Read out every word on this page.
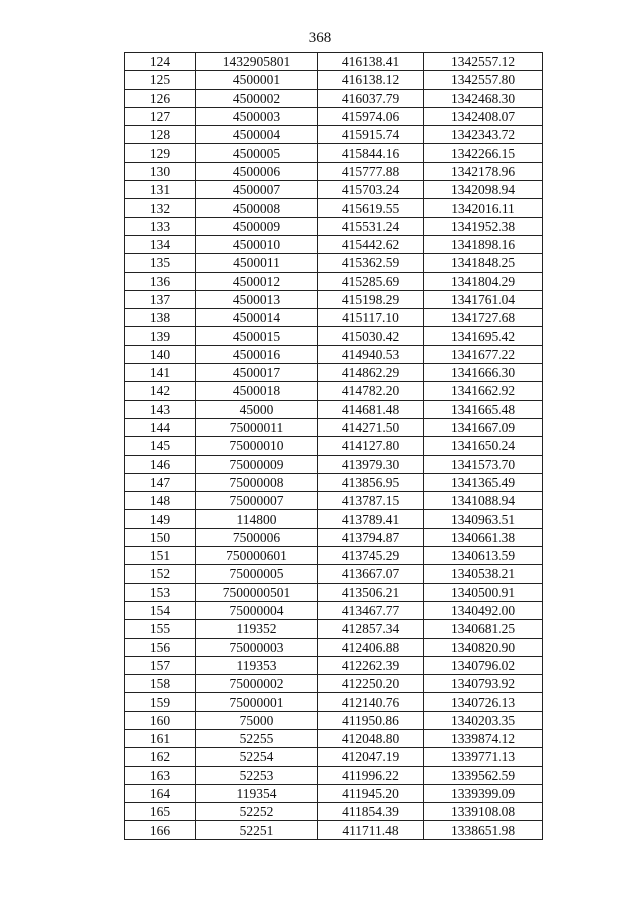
368
124	1432905801	416138.41	1342557.12
125	4500001	416138.12	1342557.80
126	4500002	416037.79	1342468.30
127	4500003	415974.06	1342408.07
128	4500004	415915.74	1342343.72
129	4500005	415844.16	1342266.15
130	4500006	415777.88	1342178.96
131	4500007	415703.24	1342098.94
132	4500008	415619.55	1342016.11
133	4500009	415531.24	1341952.38
134	4500010	415442.62	1341898.16
135	4500011	415362.59	1341848.25
136	4500012	415285.69	1341804.29
137	4500013	415198.29	1341761.04
138	4500014	415117.10	1341727.68
139	4500015	415030.42	1341695.42
140	4500016	414940.53	1341677.22
141	4500017	414862.29	1341666.30
142	4500018	414782.20	1341662.92
143	45000	414681.48	1341665.48
144	75000011	414271.50	1341667.09
145	75000010	414127.80	1341650.24
146	75000009	413979.30	1341573.70
147	75000008	413856.95	1341365.49
148	75000007	413787.15	1341088.94
149	114800	413789.41	1340963.51
150	7500006	413794.87	1340661.38
151	750000601	413745.29	1340613.59
152	75000005	413667.07	1340538.21
153	7500000501	413506.21	1340500.91
154	75000004	413467.77	1340492.00
155	119352	412857.34	1340681.25
156	75000003	412406.88	1340820.90
157	119353	412262.39	1340796.02
158	75000002	412250.20	1340793.92
159	75000001	412140.76	1340726.13
160	75000	411950.86	1340203.35
161	52255	412048.80	1339874.12
162	52254	412047.19	1339771.13
163	52253	411996.22	1339562.59
164	119354	411945.20	1339399.09
165	52252	411854.39	1339108.08
166	52251	411711.48	1338651.98
